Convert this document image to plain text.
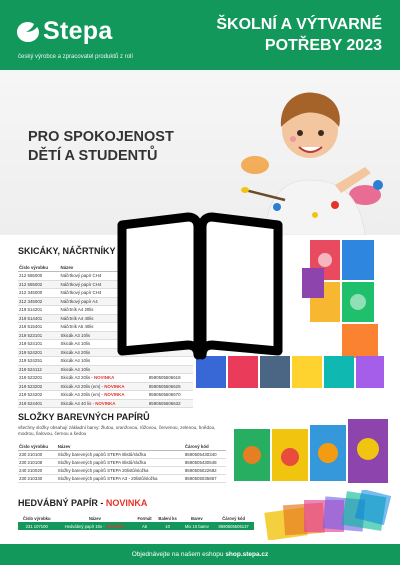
Stepa
český výrobce a zpracovatel produktů z rolí
ŠKOLNÍ A VÝTVARNÉ
POTŘEBY 2023
PRO SPOKOJENOST
DĚTÍ A STUDENTŮ
SKICÁKY, NÁČRTNÍKY
Číslo výrobku	Název	
212 555000	Náčrtkový papír CH4	
212 555002	Náčrtkový papír CH4	
212 345000	Náčrtkový papír CH4	
212 345002	Náčrtkový papír A4	
219 514201	Náčrtník A4 20lis	
219 514401	Náčrtník A4 40lis	
219 515401	Náčrtník A5 40lis	
219 523101	Skicák A3 10lis	
219 524101	Skicák A4 10lis	
219 524201	Skicák A4 20lis	
219 524251	Skicák A4 10lis	
219 524112	Skicák A4 10lis	
219 523201	Skicák A3 20lis - NOVINKA	8590505506618
219 523202	Skicák A3 20lis (em) - NOVINKA	8590505506625
219 524202	Skicák A4 20lis (em) - NOVINKA	8590505506670
219 524401	Skicák A4 40 lis - NOVINKA	8590505506632
SLOŽKY BAREVNÝCH PAPÍRŮ
všechny složky obsahují základní barvy: žlutou, oranžovou, růžovou, červenou, zelenou, hnědou, modrou, fialovou, černou a šedou
Číslo výrobku	Název	Čárový kód
230 210100	Složky barevných papírů STEPA 8listů/složka	8590505430340
230 210108	Složky barevných papírů STEPA 8listů/složka	8590505430548
240 210020	Složky barevných papírů STEPA 20listů/složka	8590505022682
230 210330	Složky barevných papírů STEPA A3 - 20listů/složka	8590505035857
HEDVÁBNÝ PAPÍR - NOVINKA
Číslo výrobku	Název	Formát	Balení ks	Barev	Čárový kód
231 107100	Hedvábný papír 10x - NOVINKA	A5	10	Mix 10 barev	8590505506137
Objednávejte na našem eshopu shop.stepa.cz
